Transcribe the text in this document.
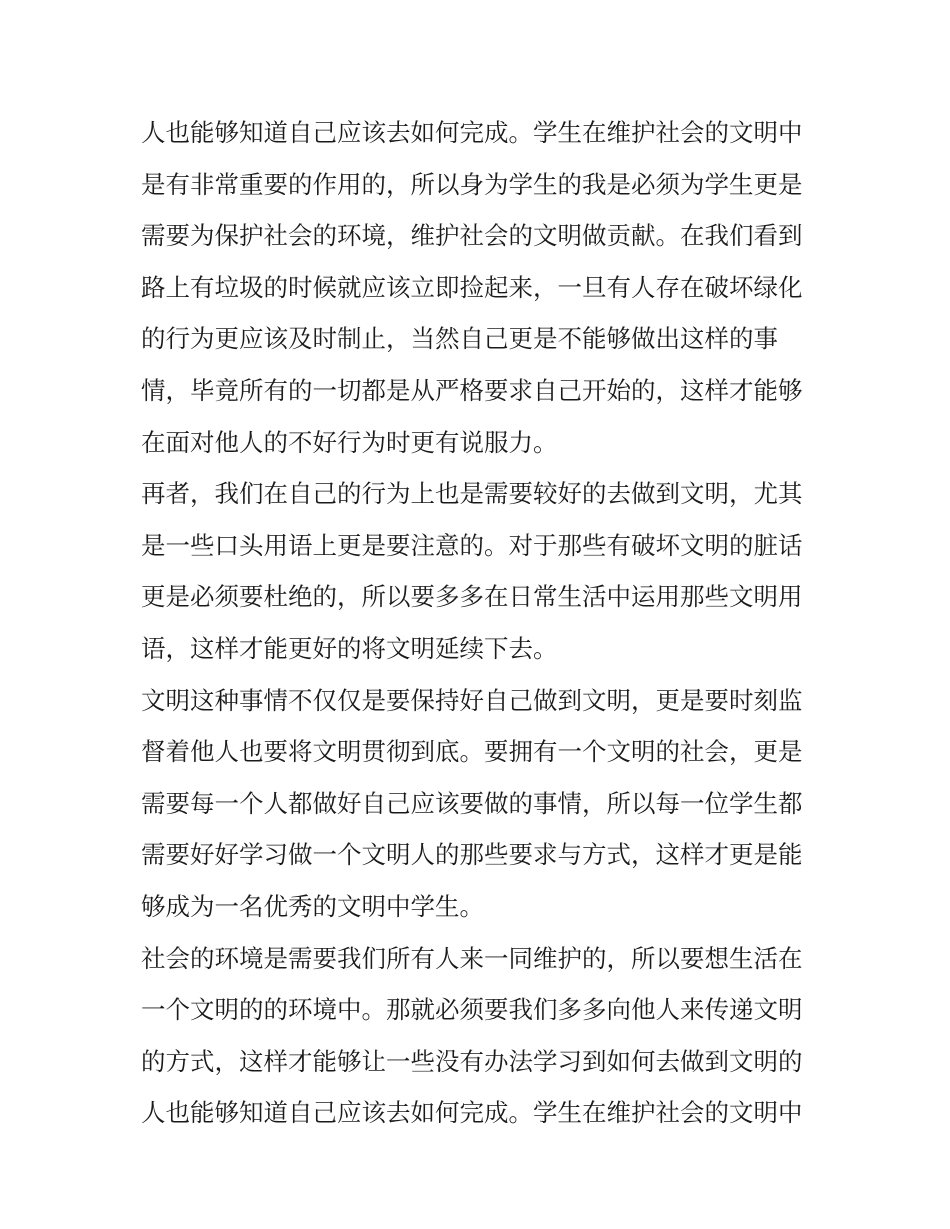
人也能够知道自己应该去如何完成。学生在维护社会的文明中
是有非常重要的作用的，所以身为学生的我是必须为学生更是
需要为保护社会的环境，维护社会的文明做贡献。在我们看到
路上有垃圾的时候就应该立即捡起来，一旦有人存在破坏绿化
的行为更应该及时制止，当然自己更是不能够做出这样的事
情，毕竟所有的一切都是从严格要求自己开始的，这样才能够
在面对他人的不好行为时更有说服力。
再者，我们在自己的行为上也是需要较好的去做到文明，尤其
是一些口头用语上更是要注意的。对于那些有破坏文明的脏话
更是必须要杜绝的，所以要多多在日常生活中运用那些文明用
语，这样才能更好的将文明延续下去。
文明这种事情不仅仅是要保持好自己做到文明，更是要时刻监
督着他人也要将文明贯彻到底。要拥有一个文明的社会，更是
需要每一个人都做好自己应该要做的事情，所以每一位学生都
需要好好学习做一个文明人的那些要求与方式，这样才更是能
够成为一名优秀的文明中学生。
社会的环境是需要我们所有人来一同维护的，所以要想生活在
一个文明的的环境中。那就必须要我们多多向他人来传递文明
的方式，这样才能够让一些没有办法学习到如何去做到文明的
人也能够知道自己应该去如何完成。学生在维护社会的文明中
